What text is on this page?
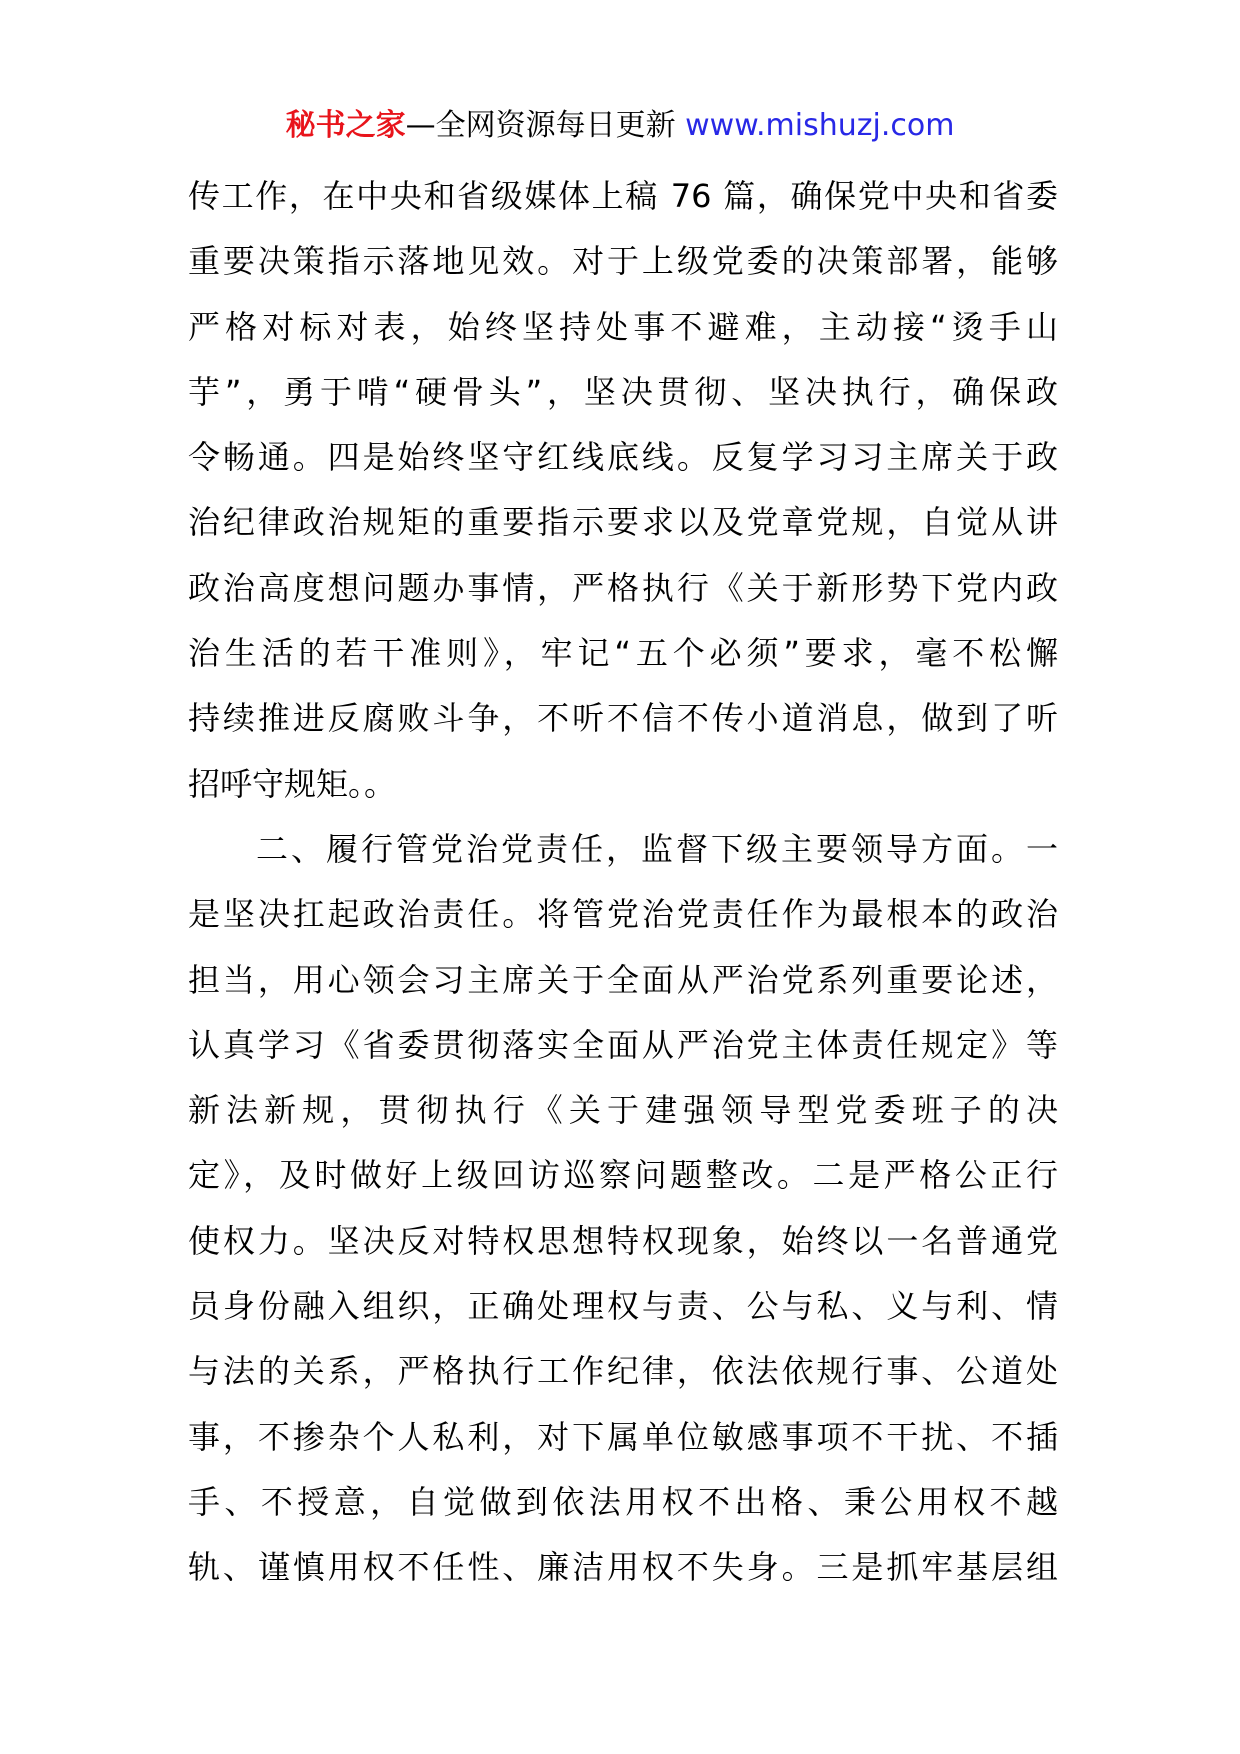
秘书之家—全网资源每日更新 www.mishuzj.com
传工作，在中央和省级媒体上稿 76 篇，确保党中央和省委
重要决策指示落地见效。对于上级党委的决策部署，能够
严格对标对表，始终坚持处事不避难，主动接“烫手山
芋”，勇于啃“硬骨头”，坚决贯彻、坚决执行，确保政
令畅通。四是始终坚守红线底线。反复学习习主席关于政
治纪律政治规矩的重要指示要求以及党章党规，自觉从讲
政治高度想问题办事情，严格执行《关于新形势下党内政
治生活的若干准则》，牢记“五个必须”要求，毫不松懈
持续推进反腐败斗争，不听不信不传小道消息，做到了听
招呼守规矩。。
二、履行管党治党责任，监督下级主要领导方面。一
是坚决扛起政治责任。将管党治党责任作为最根本的政治
担当，用心领会习主席关于全面从严治党系列重要论述，
认真学习《省委贯彻落实全面从严治党主体责任规定》等
新法新规，贯彻执行《关于建强领导型党委班子的决
定》，及时做好上级回访巡察问题整改。二是严格公正行
使权力。坚决反对特权思想特权现象，始终以一名普通党
员身份融入组织，正确处理权与责、公与私、义与利、情
与法的关系，严格执行工作纪律，依法依规行事、公道处
事，不掺杂个人私利，对下属单位敏感事项不干扰、不插
手、不授意，自觉做到依法用权不出格、秉公用权不越
轨、谨慎用权不任性、廉洁用权不失身。三是抓牢基层组
